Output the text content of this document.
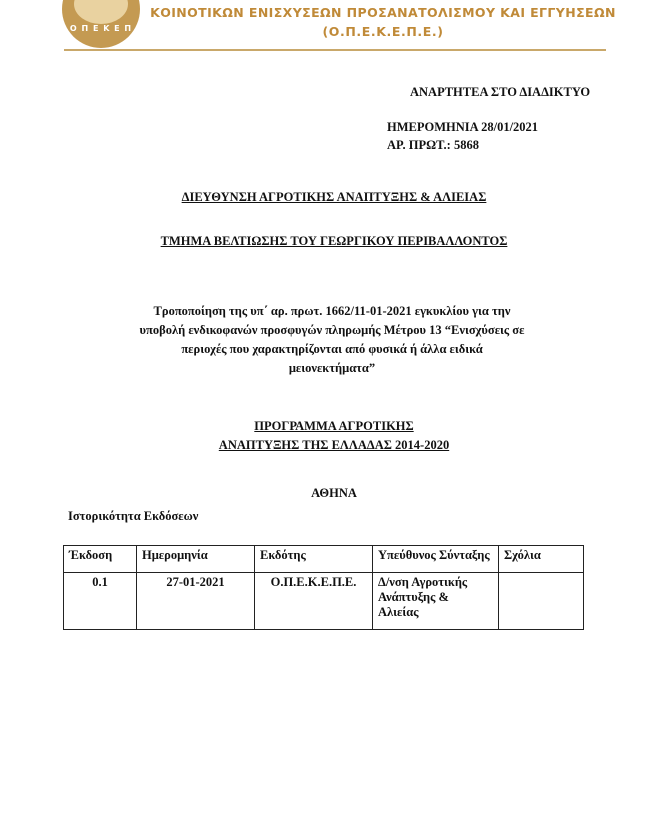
Ο Π Ε Κ Ε Π
ΚΟΙΝΟΤΙΚΩΝ ΕΝΙΣΧΥΣΕΩΝ ΠΡΟΣΑΝΑΤΟΛΙΣΜΟΥ ΚΑΙ ΕΓΓΥΗΣΕΩΝ
(Ο.Π.Ε.Κ.Ε.Π.Ε.)
ΑΝΑΡΤΗΤΕΑ ΣΤΟ ΔΙΑΔΙΚΤΥΟ
ΗΜΕΡΟΜΗΝΙΑ 28/01/2021
ΑΡ. ΠΡΩΤ.: 5868
ΔΙΕΥΘΥΝΣΗ ΑΓΡΟΤΙΚΗΣ ΑΝΑΠΤΥΞΗΣ & ΑΛΙΕΙΑΣ
ΤΜΗΜΑ ΒΕΛΤΙΩΣΗΣ ΤΟΥ ΓΕΩΡΓΙΚΟΥ ΠΕΡΙΒΑΛΛΟΝΤΟΣ
Τροποποίηση της υπ΄ αρ. πρωτ. 1662/11-01-2021 εγκυκλίου για την
υποβολή ενδικοφανών προσφυγών πληρωμής Μέτρου 13 “Ενισχύσεις σε
περιοχές που χαρακτηρίζονται από φυσικά ή άλλα ειδικά
μειονεκτήματα”
ΠΡΟΓΡΑΜΜΑ ΑΓΡΟΤΙΚΗΣ
ΑΝΑΠΤΥΞΗΣ ΤΗΣ ΕΛΛΑΔΑΣ 2014-2020
ΑΘΗΝΑ
Ιστορικότητα Εκδόσεων
Έκδοση	Ημερομηνία	Εκδότης	Υπεύθυνος Σύνταξης	Σχόλια
0.1	27-01-2021	Ο.Π.Ε.Κ.Ε.Π.Ε.	Δ/νση Αγροτικής
Ανάπτυξης &
Αλιείας	
